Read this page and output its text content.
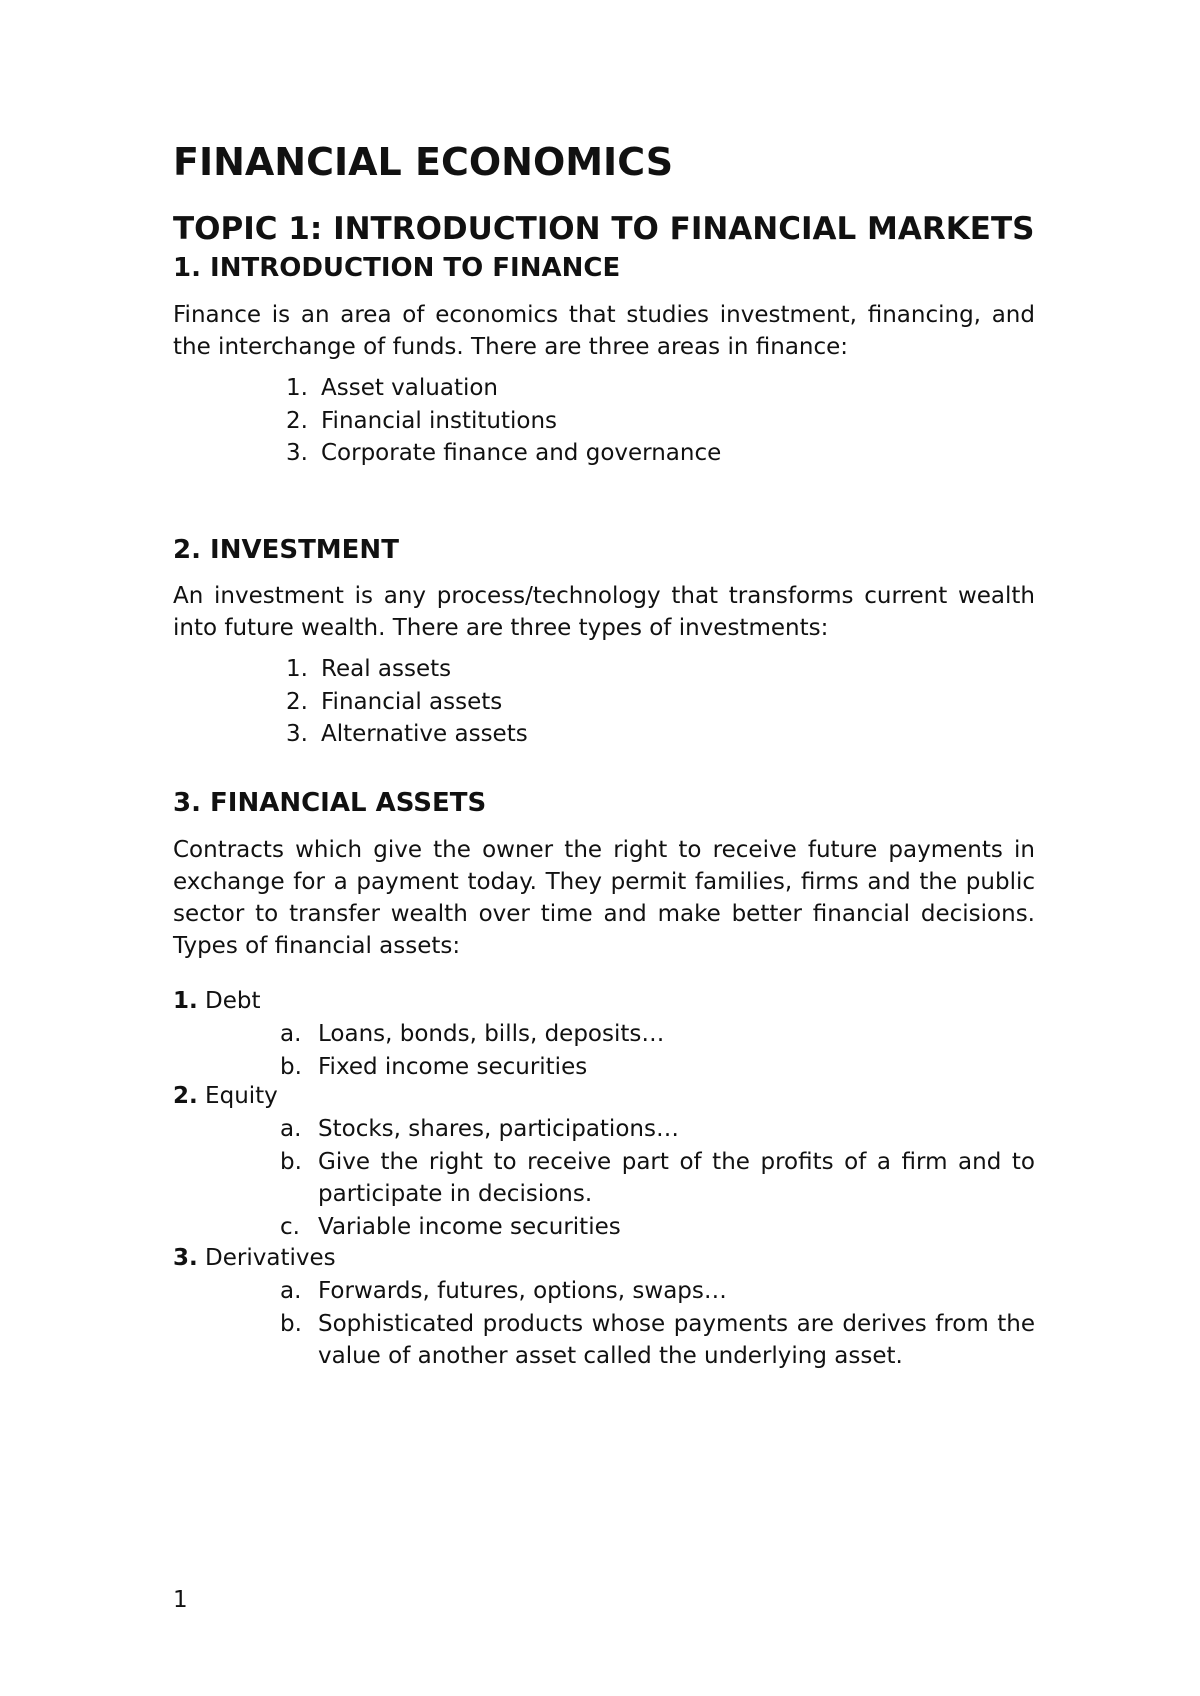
FINANCIAL ECONOMICS
TOPIC 1: INTRODUCTION TO FINANCIAL MARKETS
1. INTRODUCTION TO FINANCE

Finance is an area of economics that studies investment, financing, and the interchange of funds. There are three areas in finance:

1. Asset valuation
2. Financial institutions
3. Corporate finance and governance
2. INVESTMENT

An investment is any process/technology that transforms current wealth into future wealth. There are three types of investments:

1. Real assets
2. Financial assets
3. Alternative assets
3. FINANCIAL ASSETS

Contracts which give the owner the right to receive future payments in exchange for a payment today. They permit families, firms and the public sector to transfer wealth over time and make better financial decisions. Types of financial assets:

1. Debt

a. Loans, bonds, bills, deposits…
b. Fixed income securities

2. Equity

a. Stocks, shares, participations…
b. Give the right to receive part of the profits of a firm and to participate in decisions.
c. Variable income securities

3. Derivatives

a. Forwards, futures, options, swaps…
b. Sophisticated products whose payments are derives from the value of another asset called the underlying asset.

1
